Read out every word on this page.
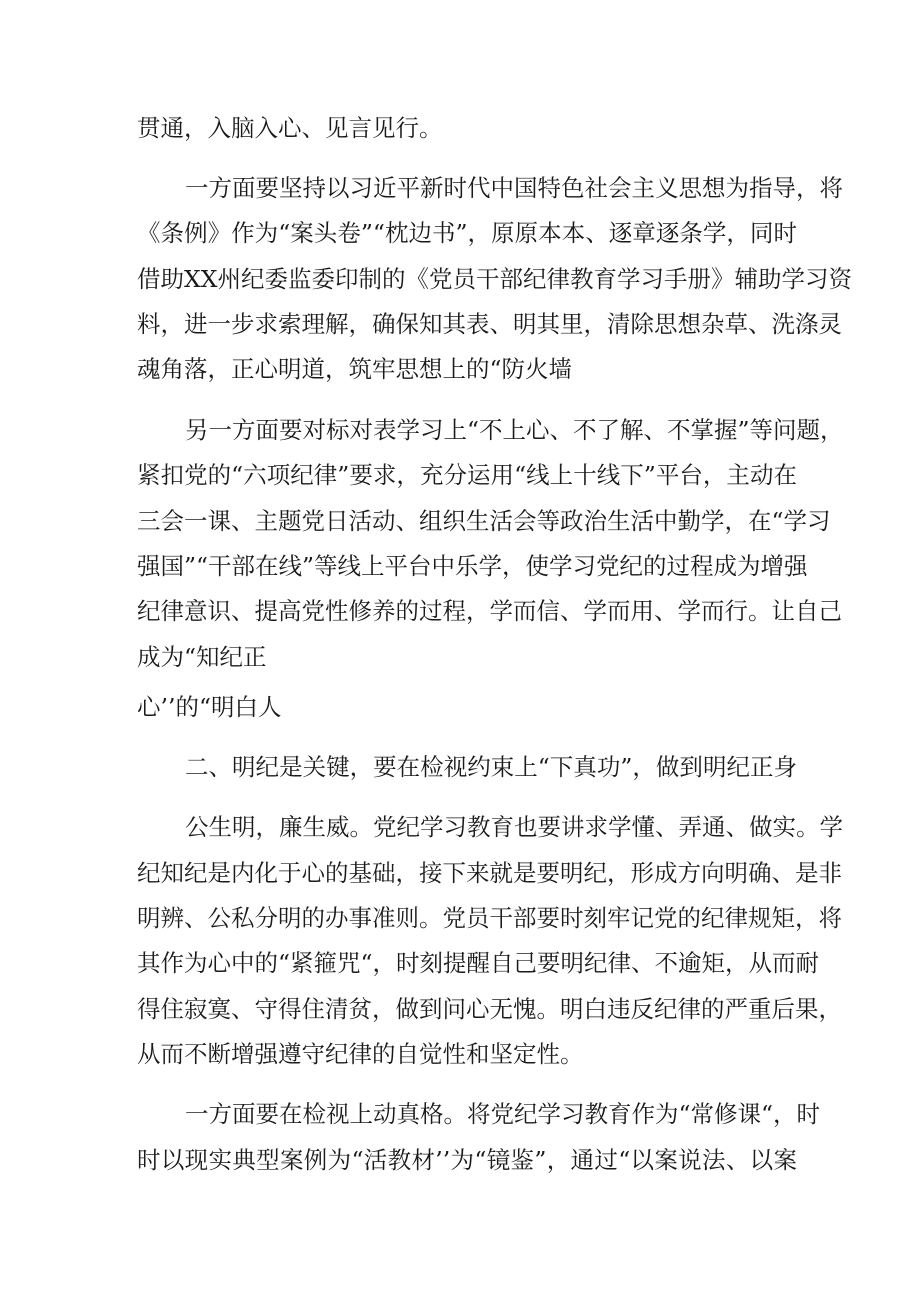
贯通，入脑入心、见言见行。
一方面要坚持以习近平新时代中国特色社会主义思想为指导，将
《条例》作为“案头卷”“枕边书”，原原本本、逐章逐条学，同时
借助XX州纪委监委印制的《党员干部纪律教育学习手册》辅助学习资
料，进一步求索理解，确保知其表、明其里，清除思想杂草、洗涤灵
魂角落，正心明道，筑牢思想上的“防火墙
另一方面要对标对表学习上“不上心、不了解、不掌握”等问题，
紧扣党的“六项纪律”要求，充分运用“线上十线下”平台，主动在
三会一课、主题党日活动、组织生活会等政治生活中勤学，在“学习
强国”“干部在线”等线上平台中乐学，使学习党纪的过程成为增强
纪律意识、提高党性修养的过程，学而信、学而用、学而行。让自己
成为“知纪正
心’’的“明白人
二、明纪是关键，要在检视约束上“下真功”，做到明纪正身
公生明，廉生威。党纪学习教育也要讲求学懂、弄通、做实。学
纪知纪是内化于心的基础，接下来就是要明纪，形成方向明确、是非
明辨、公私分明的办事准则。党员干部要时刻牢记党的纪律规矩，将
其作为心中的“紧箍咒“，时刻提醒自己要明纪律、不逾矩，从而耐
得住寂寞、守得住清贫，做到问心无愧。明白违反纪律的严重后果，
从而不断增强遵守纪律的自觉性和坚定性。
一方面要在检视上动真格。将党纪学习教育作为“常修课“，时
时以现实典型案例为“活教材’’为“镜鉴”，通过“以案说法、以案
